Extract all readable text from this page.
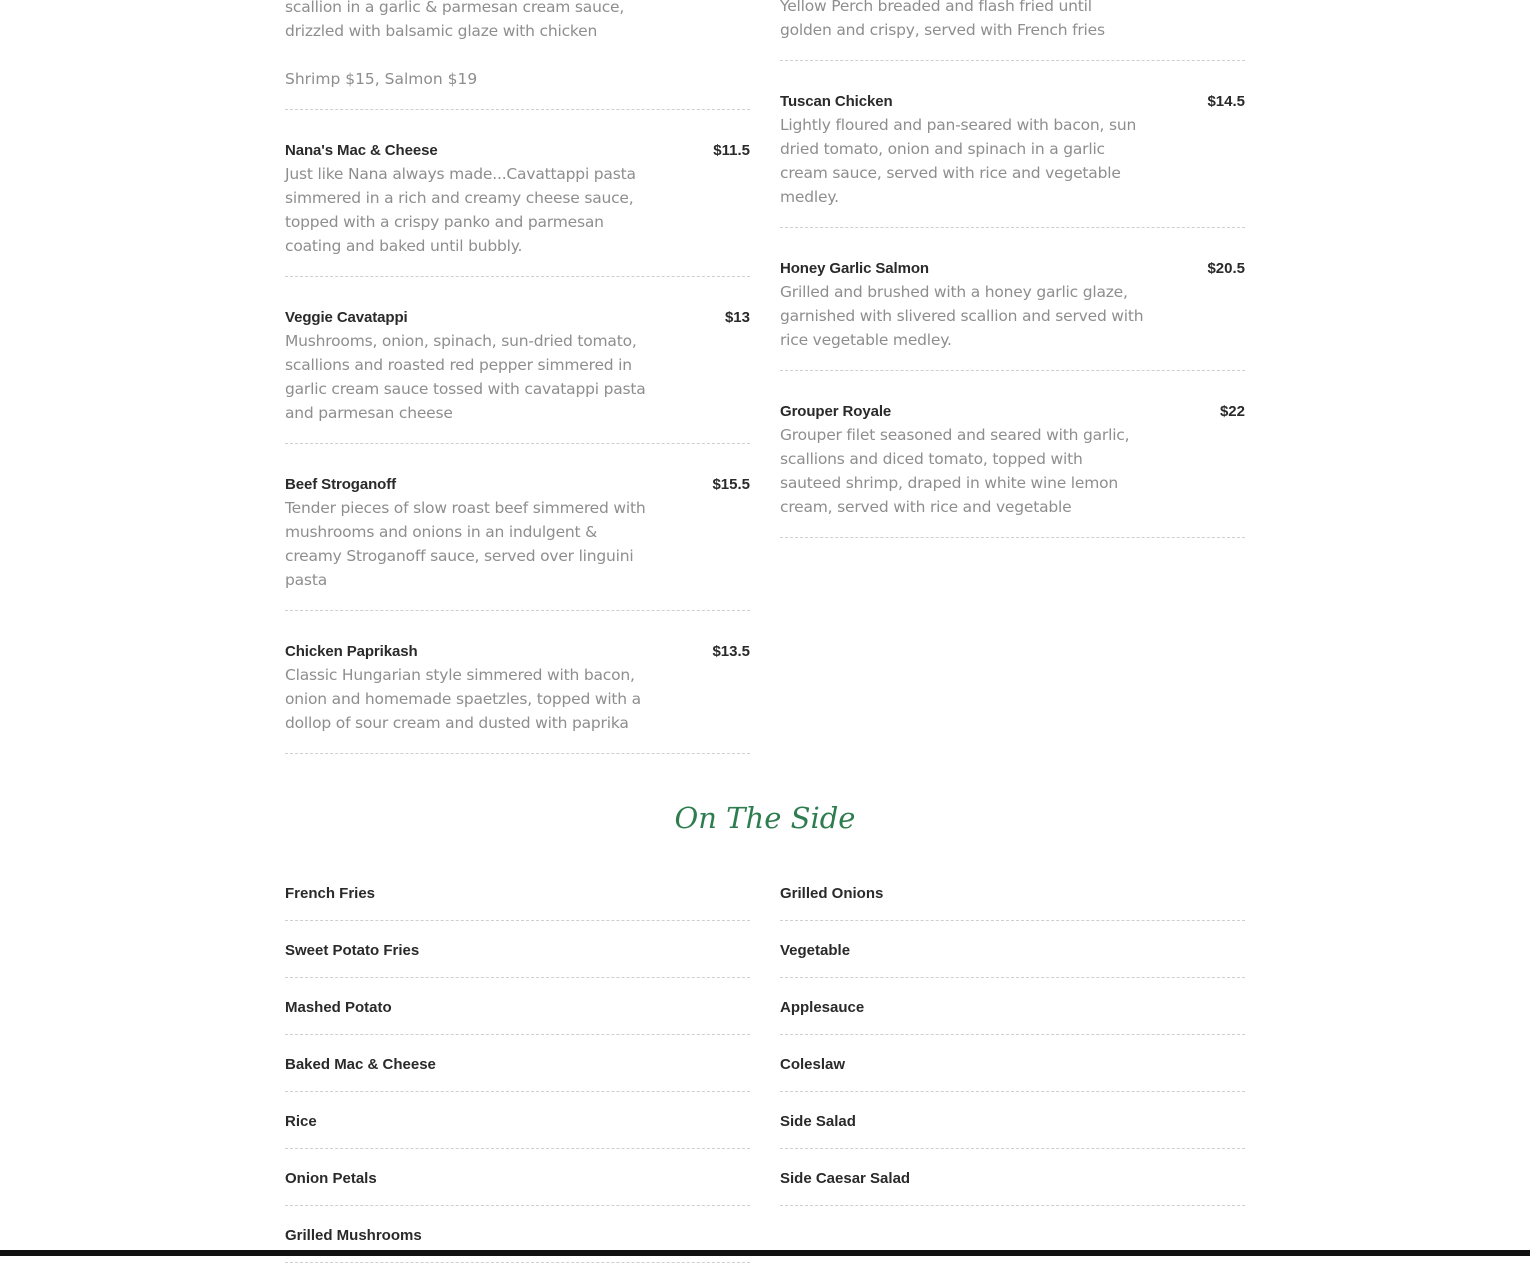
scallion in a garlic & parmesan cream sauce, drizzled with balsamic glaze with chicken
Shrimp $15, Salmon $19
Nana's Mac & Cheese	$11.5
Just like Nana always made...Cavattappi pasta simmered in a rich and creamy cheese sauce, topped with a crispy panko and parmesan coating and baked until bubbly.
Veggie Cavatappi	$13
Mushrooms, onion, spinach, sun-dried tomato, scallions and roasted red pepper simmered in garlic cream sauce tossed with cavatappi pasta and parmesan cheese
Beef Stroganoff	$15.5
Tender pieces of slow roast beef simmered with mushrooms and onions in an indulgent & creamy Stroganoff sauce, served over linguini pasta
Chicken Paprikash	$13.5
Classic Hungarian style simmered with bacon, onion and homemade spaetzles, topped with a dollop of sour cream and dusted with paprika
Yellow Perch breaded and flash fried until golden and crispy, served with French fries
Tuscan Chicken	$14.5
Lightly floured and pan-seared with bacon, sun dried tomato, onion and spinach in a garlic cream sauce, served with rice and vegetable medley.
Honey Garlic Salmon	$20.5
Grilled and brushed with a honey garlic glaze, garnished with slivered scallion and served with rice vegetable medley.
Grouper Royale	$22
Grouper filet seasoned and seared with garlic, scallions and diced tomato, topped with sauteed shrimp, draped in white wine lemon cream, served with rice and vegetable
On The Side
French Fries
Sweet Potato Fries
Mashed Potato
Baked Mac & Cheese
Rice
Onion Petals
Grilled Mushrooms
Grilled Onions
Vegetable
Applesauce
Coleslaw
Side Salad
Side Caesar Salad
